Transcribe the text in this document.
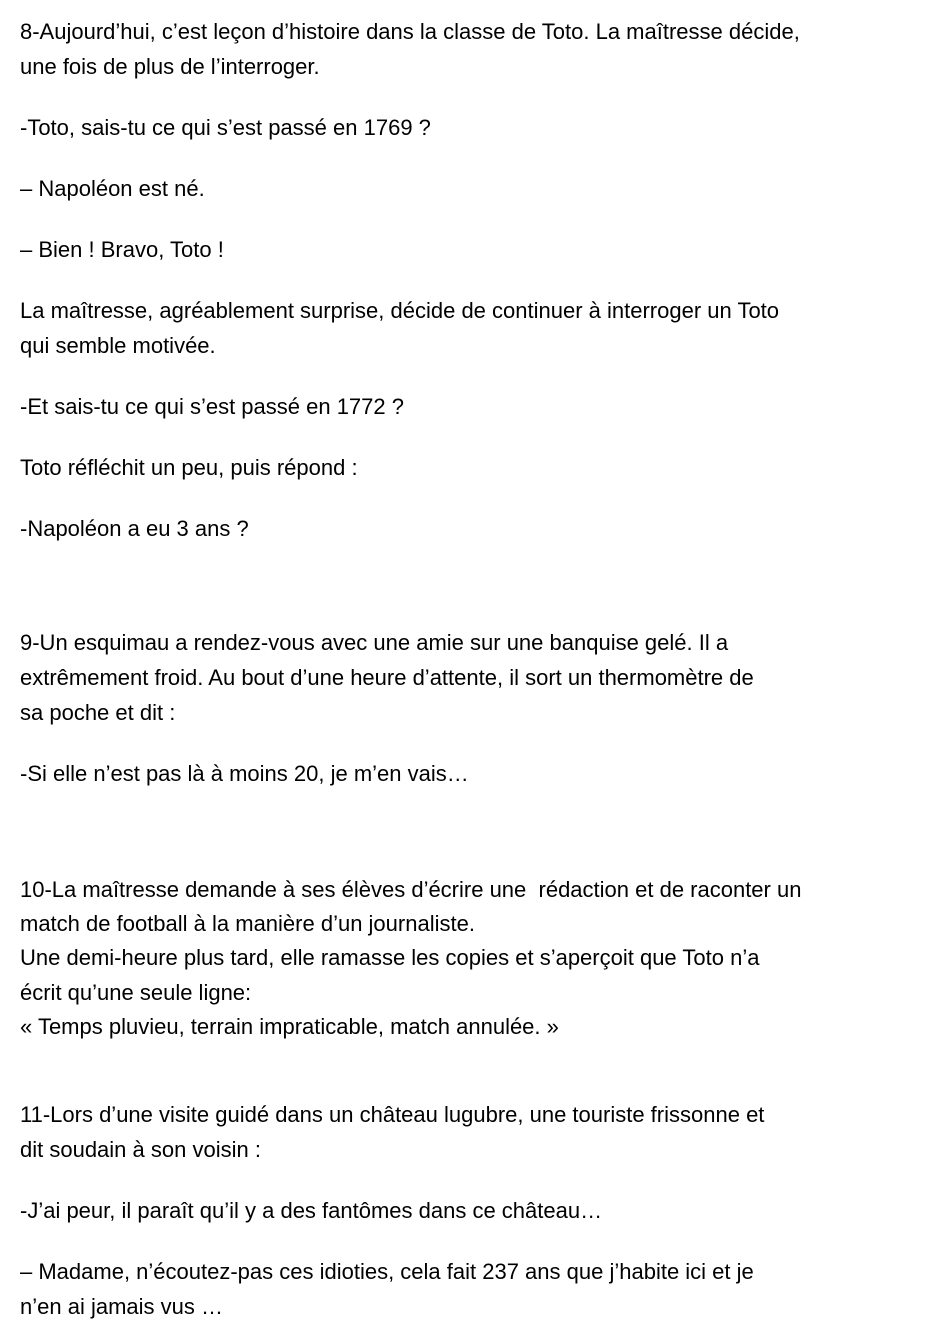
8-Aujourd’hui, c’est leçon d’histoire dans la classe de Toto. La maîtresse décide,

une fois de plus de l’interroger.

-Toto, sais-tu ce qui s’est passé en 1769 ?

– Napoléon est né.

– Bien ! Bravo, Toto !

La maîtresse, agréablement surprise, décide de continuer à interroger un Toto

qui semble motivée.

-Et sais-tu ce qui s’est passé en 1772 ?

Toto réfléchit un peu, puis répond :

-Napoléon a eu 3 ans ?

9-Un esquimau a rendez-vous avec une amie sur une banquise gelé. Il a

extrêmement froid. Au bout d’une heure d’attente, il sort un thermomètre de

sa poche et dit :

-Si elle n’est pas là à moins 20, je m’en vais…

10-La maîtresse demande à ses élèves d’écrire une  rédaction et de raconter un

match de football à la manière d’un journaliste.

Une demi-heure plus tard, elle ramasse les copies et s’aperçoit que Toto n’a

écrit qu’une seule ligne:

« Temps pluvieu, terrain impraticable, match annulée. »

11-Lors d’une visite guidé dans un château lugubre, une touriste frissonne et

dit soudain à son voisin :

-J’ai peur, il paraît qu’il y a des fantômes dans ce château…

– Madame, n’écoutez-pas ces idioties, cela fait 237 ans que j’habite ici et je

n’en ai jamais vus …
